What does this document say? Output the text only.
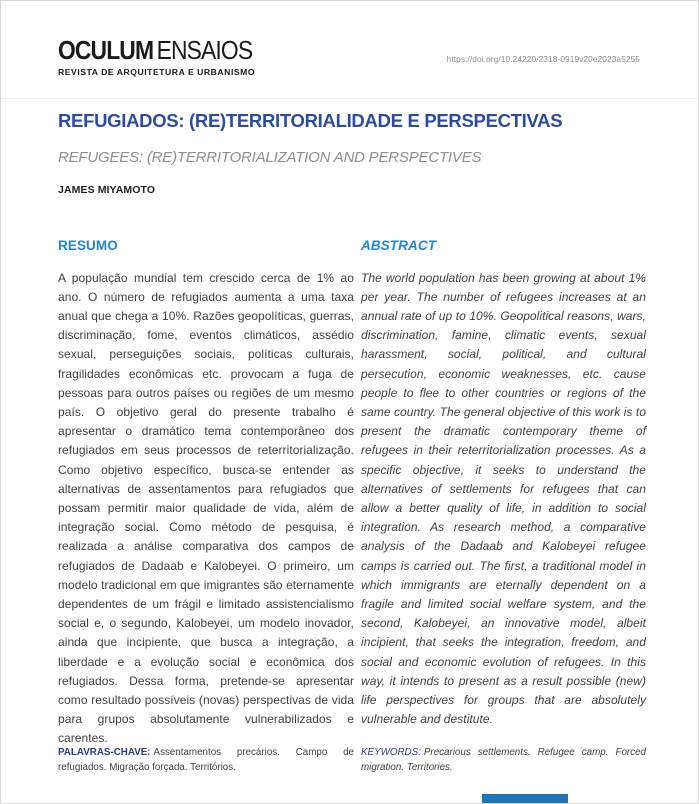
OCULUM ENSAIOS
REVISTA DE ARQUITETURA E URBANISMO
https://doi.org/10.24220/2318-0919v20e2023a5255
REFUGIADOS: (RE)TERRITORIALIDADE E PERSPECTIVAS
REFUGEES: (RE)TERRITORIALIZATION AND PERSPECTIVES
JAMES MIYAMOTO
RESUMO

A população mundial tem crescido cerca de 1% ao ano. O número de refugiados aumenta a uma taxa anual que chega a 10%. Razões geopolíticas, guerras, discriminação, fome, eventos climáticos, assédio sexual, perseguições sociais, políticas culturais, fragilidades econômicas etc. provocam a fuga de pessoas para outros países ou regiões de um mesmo país. O objetivo geral do presente trabalho é apresentar o dramático tema contemporâneo dos refugiados em seus processos de reterritorialização. Como objetivo específico, busca-se entender as alternativas de assentamentos para refugiados que possam permitir maior qualidade de vida, além de integração social. Como método de pesquisa, é realizada a análise comparativa dos campos de refugiados de Dadaab e Kalobeyei. O primeiro, um modelo tradicional em que imigrantes são eternamente dependentes de um frágil e limitado assistencialismo social e, o segundo, Kalobeyei, um modelo inovador, ainda que incipiente, que busca a integração, a liberdade e a evolução social e econômica dos refugiados. Dessa forma, pretende-se apresentar como resultado possíveis (novas) perspectivas de vida para grupos absolutamente vulnerabilizados e carentes.

ABSTRACT

The world population has been growing at about 1% per year. The number of refugees increases at an annual rate of up to 10%. Geopolitical reasons, wars, discrimination, famine, climatic events, sexual harassment, social, political, and cultural persecution, economic weaknesses, etc. cause people to flee to other countries or regions of the same country. The general objective of this work is to present the dramatic contemporary theme of refugees in their reterritorialization processes. As a specific objective, it seeks to understand the alternatives of settlements for refugees that can allow a better quality of life, in addition to social integration. As research method, a comparative analysis of the Dadaab and Kalobeyei refugee camps is carried out. The first, a traditional model in which immigrants are eternally dependent on a fragile and limited social welfare system, and the second, Kalobeyei, an innovative model, albeit incipient, that seeks the integration, freedom, and social and economic evolution of refugees. In this way, it intends to present as a result possible (new) life perspectives for groups that are absolutely vulnerable and destitute.

PALAVRAS-CHAVE: Assentamentos precários. Campo de refugiados. Migração forçada. Territórios.

KEYWORDS: Precarious settlements. Refugee camp. Forced migration. Territories.
